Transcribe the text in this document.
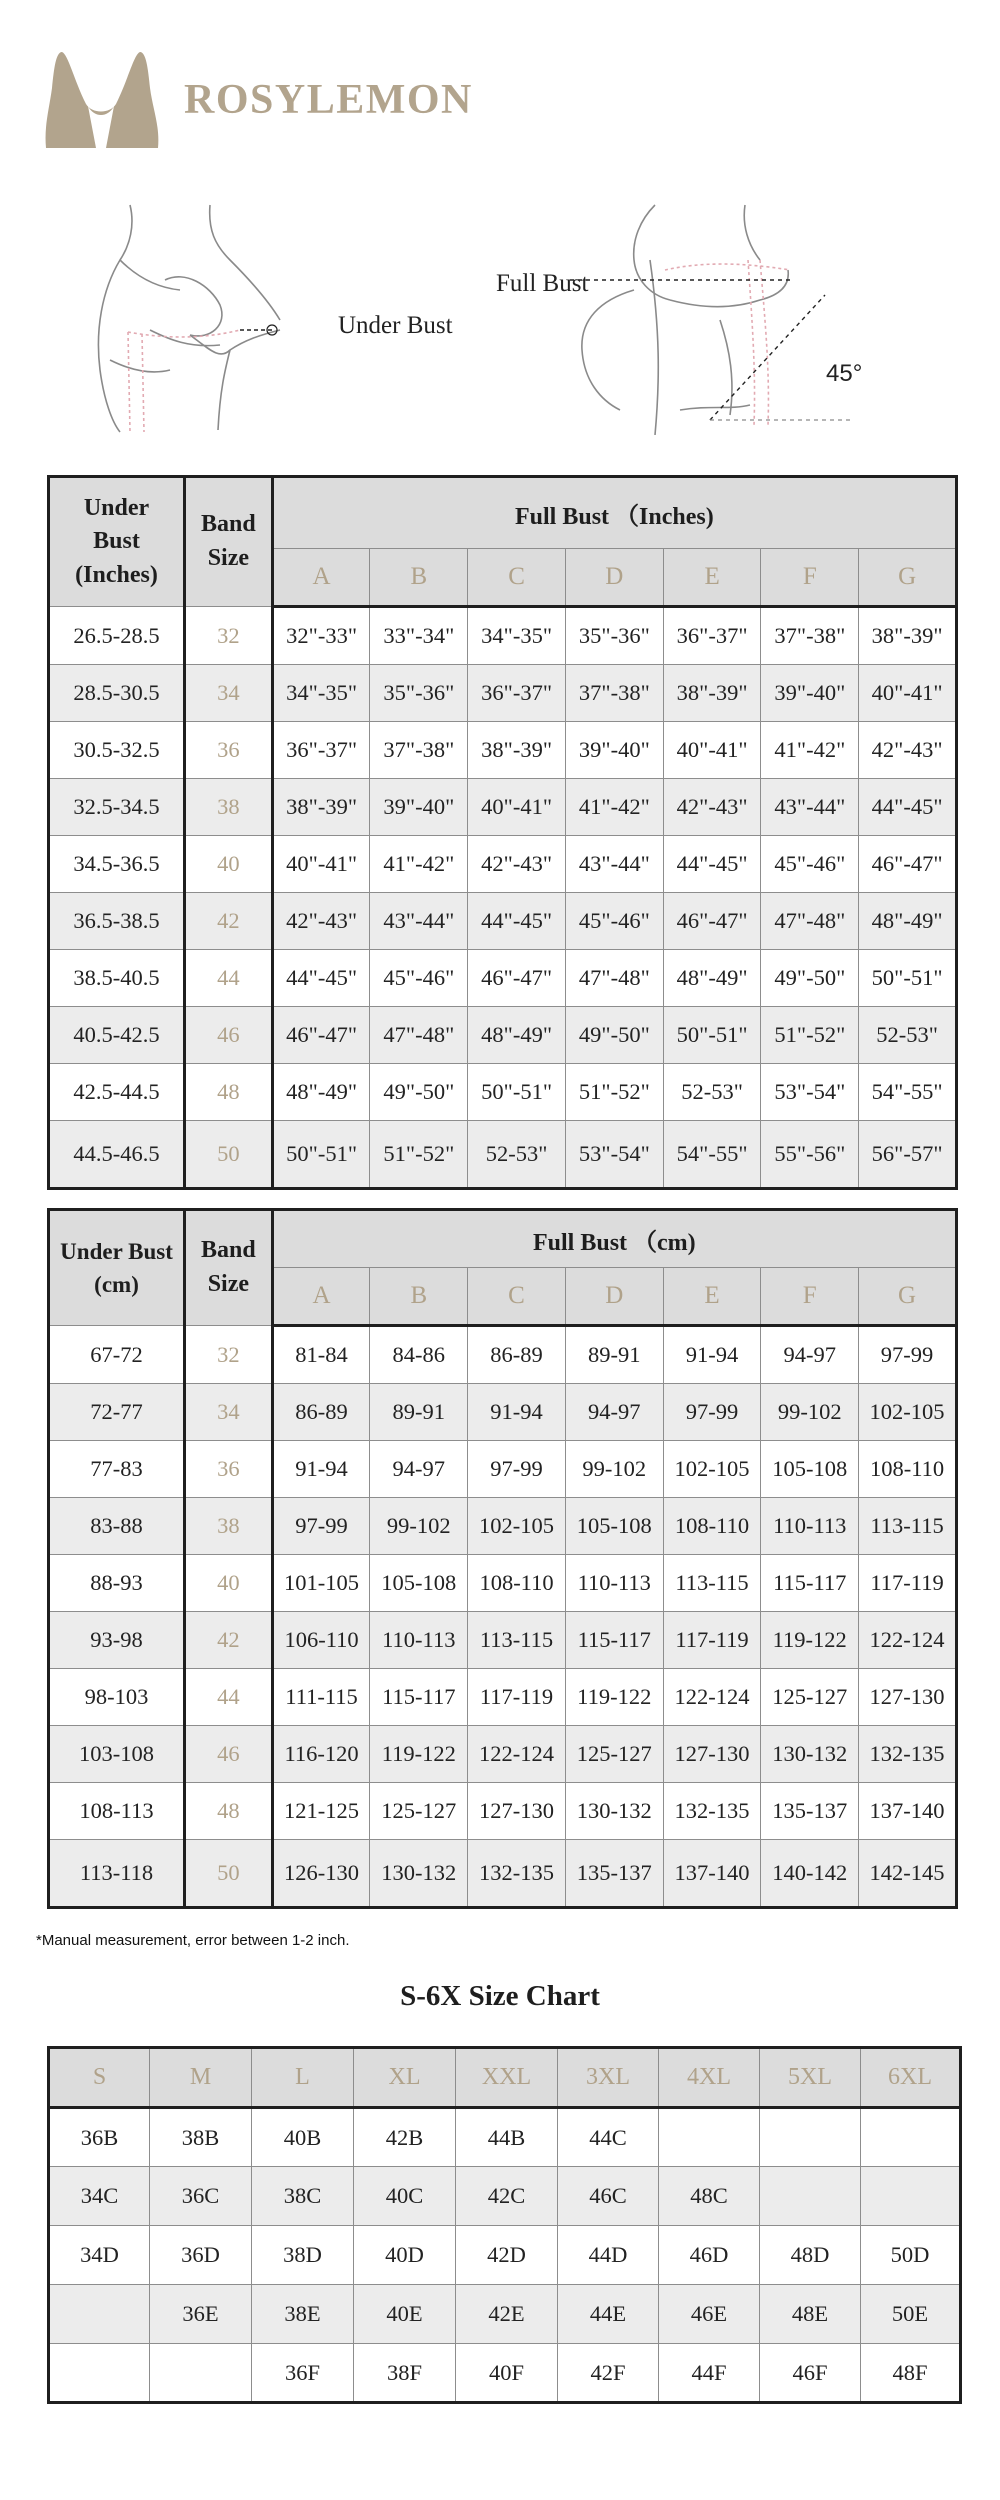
ROSYLEMON
Under Bust
Full Bust
45°
Under Bust (Inches)	Band Size	Full Bust （Inches)						
		A	B	C	D	E	F	G
26.5-28.5	32	32"-33"	33"-34"	34"-35"	35"-36"	36"-37"	37"-38"	38"-39"
28.5-30.5	34	34"-35"	35"-36"	36"-37"	37"-38"	38"-39"	39"-40"	40"-41"
30.5-32.5	36	36"-37"	37"-38"	38"-39"	39"-40"	40"-41"	41"-42"	42"-43"
32.5-34.5	38	38"-39"	39"-40"	40"-41"	41"-42"	42"-43"	43"-44"	44"-45"
34.5-36.5	40	40"-41"	41"-42"	42"-43"	43"-44"	44"-45"	45"-46"	46"-47"
36.5-38.5	42	42"-43"	43"-44"	44"-45"	45"-46"	46"-47"	47"-48"	48"-49"
38.5-40.5	44	44"-45"	45"-46"	46"-47"	47"-48"	48"-49"	49"-50"	50"-51"
40.5-42.5	46	46"-47"	47"-48"	48"-49"	49"-50"	50"-51"	51"-52"	52-53"
42.5-44.5	48	48"-49"	49"-50"	50"-51"	51"-52"	52-53"	53"-54"	54"-55"
44.5-46.5	50	50"-51"	51"-52"	52-53"	53"-54"	54"-55"	55"-56"	56"-57"
Under Bust (cm)	Band Size	Full Bust （cm)						
		A	B	C	D	E	F	G
67-72	32	81-84	84-86	86-89	89-91	91-94	94-97	97-99
72-77	34	86-89	89-91	91-94	94-97	97-99	99-102	102-105
77-83	36	91-94	94-97	97-99	99-102	102-105	105-108	108-110
83-88	38	97-99	99-102	102-105	105-108	108-110	110-113	113-115
88-93	40	101-105	105-108	108-110	110-113	113-115	115-117	117-119
93-98	42	106-110	110-113	113-115	115-117	117-119	119-122	122-124
98-103	44	111-115	115-117	117-119	119-122	122-124	125-127	127-130
103-108	46	116-120	119-122	122-124	125-127	127-130	130-132	132-135
108-113	48	121-125	125-127	127-130	130-132	132-135	135-137	137-140
113-118	50	126-130	130-132	132-135	135-137	137-140	140-142	142-145
*Manual measurement, error between 1-2 inch.
S-6X Size Chart
S	M	L	XL	XXL	3XL	4XL	5XL	6XL
36B	38B	40B	42B	44B	44C			
34C	36C	38C	40C	42C	46C	48C		
34D	36D	38D	40D	42D	44D	46D	48D	50D
	36E	38E	40E	42E	44E	46E	48E	50E
		36F	38F	40F	42F	44F	46F	48F
